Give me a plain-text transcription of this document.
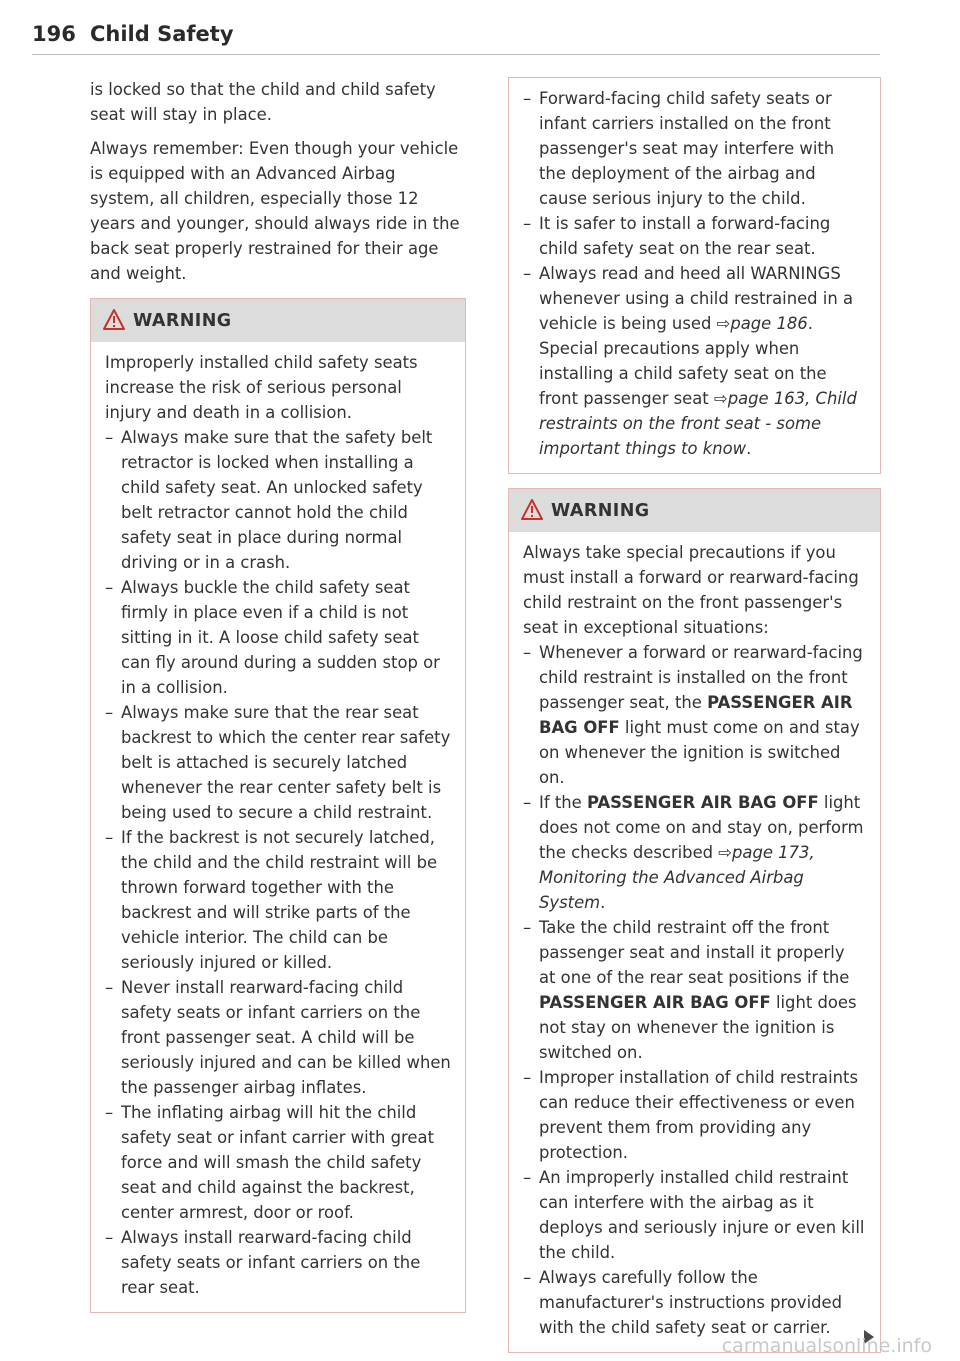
196 Child Safety

is locked so that the child and child safety seat will stay in place.

Always remember: Even though your vehicle is equipped with an Advanced Airbag system, all children, especially those 12 years and younger, should always ride in the back seat properly restrained for their age and weight.

WARNING

Improperly installed child safety seats increase the risk of serious personal injury and death in a collision.

– Always make sure that the safety belt retractor is locked when installing a child safety seat. An unlocked safety belt retractor cannot hold the child safety seat in place during normal driving or in a crash.
– Always buckle the child safety seat firmly in place even if a child is not sitting in it. A loose child safety seat can fly around during a sudden stop or in a collision.
– Always make sure that the rear seat backrest to which the center rear safety belt is attached is securely latched whenever the rear center safety belt is being used to secure a child restraint.
– If the backrest is not securely latched, the child and the child restraint will be thrown forward together with the backrest and will strike parts of the vehicle interior. The child can be seriously injured or killed.
– Never install rearward-facing child safety seats or infant carriers on the front passenger seat. A child will be seriously injured and can be killed when the passenger airbag inflates.
– The inflating airbag will hit the child safety seat or infant carrier with great force and will smash the child safety seat and child against the backrest, center armrest, door or roof.
– Always install rearward-facing child safety seats or infant carriers on the rear seat.
– Forward-facing child safety seats or infant carriers installed on the front passenger's seat may interfere with the deployment of the airbag and cause serious injury to the child.
– It is safer to install a forward-facing child safety seat on the rear seat.
– Always read and heed all WARNINGS whenever using a child restrained in a vehicle is being used ⇨page 186. Special precautions apply when installing a child safety seat on the front passenger seat ⇨page 163, Child restraints on the front seat - some important things to know.
WARNING

Always take special precautions if you must install a forward or rearward-facing child restraint on the front passenger's seat in exceptional situations:

– Whenever a forward or rearward-facing child restraint is installed on the front passenger seat, the PASSENGER AIR BAG OFF light must come on and stay on whenever the ignition is switched on.
– If the PASSENGER AIR BAG OFF light does not come on and stay on, perform the checks described ⇨page 173, Monitoring the Advanced Airbag System.
– Take the child restraint off the front passenger seat and install it properly at one of the rear seat positions if the PASSENGER AIR BAG OFF light does not stay on whenever the ignition is switched on.
– Improper installation of child restraints can reduce their effectiveness or even prevent them from providing any protection.
– An improperly installed child restraint can interfere with the airbag as it deploys and seriously injure or even kill the child.
– Always carefully follow the manufacturer's instructions provided with the child safety seat or carrier.
carmanualsonline.info
